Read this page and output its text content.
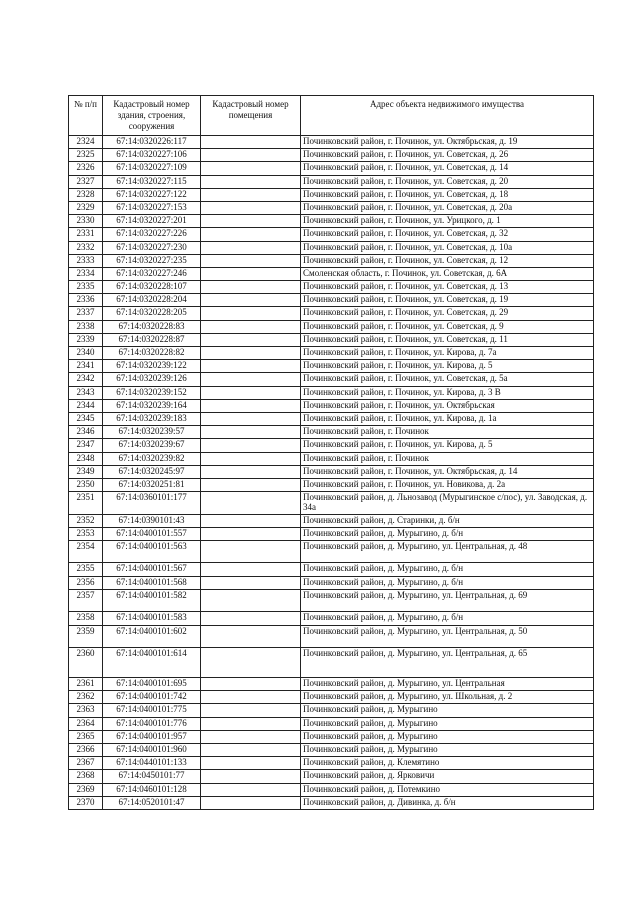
№ п/п	Кадастровый номер здания, строения, сооружения	Кадастровый номер помещения	Адрес объекта недвижимого имущества
2324	67:14:0320226:117		Починковский район, г. Починок, ул. Октябрьская, д. 19
2325	67:14:0320227:106		Починковский район, г. Починок, ул. Советская, д. 26
2326	67:14:0320227:109		Починковский район, г. Починок, ул. Советская, д. 14
2327	67:14:0320227:115		Починковский район, г. Починок, ул. Советская, д. 20
2328	67:14:0320227:122		Починковский район, г. Починок, ул. Советская, д. 18
2329	67:14:0320227:153		Починковский район, г. Починок, ул. Советская, д. 20а
2330	67:14:0320227:201		Починковский район, г. Починок, ул. Урицкого, д. 1
2331	67:14:0320227:226		Починковский район, г. Починок, ул. Советская, д. 32
2332	67:14:0320227:230		Починковский район, г. Починок, ул. Советская, д. 10а
2333	67:14:0320227:235		Починковский район, г. Починок, ул. Советская, д. 12
2334	67:14:0320227:246		Смоленская область, г. Починок, ул. Советская, д. 6А
2335	67:14:0320228:107		Починковский район, г. Починок, ул. Советская, д. 13
2336	67:14:0320228:204		Починковский район, г. Починок, ул. Советская, д. 19
2337	67:14:0320228:205		Починковский район, г. Починок, ул. Советская, д. 29
2338	67:14:0320228:83		Починковский район, г. Починок, ул. Советская, д. 9
2339	67:14:0320228:87		Починковский район, г. Починок, ул. Советская, д. 11
2340	67:14:0320228:82		Починковский район, г. Починок, ул. Кирова, д. 7а
2341	67:14:0320239:122		Починковский район, г. Починок, ул. Кирова, д. 5
2342	67:14:0320239:126		Починковский район, г. Починок, ул. Советская, д. 5а
2343	67:14:0320239:152		Починковский район, г. Починок, ул. Кирова, д. 3 В
2344	67:14:0320239:164		Починковский район, г. Починок, ул. Октябрьская
2345	67:14:0320239:183		Починковский район, г. Починок, ул. Кирова, д. 1а
2346	67:14:0320239:57		Починковский район, г. Починок
2347	67:14:0320239:67		Починковский район, г. Починок, ул. Кирова, д. 5
2348	67:14:0320239:82		Починковский район, г. Починок
2349	67:14:0320245:97		Починковский район, г. Починок, ул. Октябрьская, д. 14
2350	67:14:0320251:81		Починковский район, г. Починок, ул. Новикова, д. 2а
2351	67:14:0360101:177		Починковский район, д. Льнозавод (Мурыгинское с/пос), ул. Заводская, д. 34а
2352	67:14:0390101:43		Починковский район, д. Старинки, д. б/н
2353	67:14:0400101:557		Починковский район, д. Мурыгино, д. б/н
2354	67:14:0400101:563		Починковский район, д. Мурыгино, ул. Центральная, д. 48
2355	67:14:0400101:567		Починковский район, д. Мурыгино, д. б/н
2356	67:14:0400101:568		Починковский район, д. Мурыгино, д. б/н
2357	67:14:0400101:582		Починковский район, д. Мурыгино, ул. Центральная, д. 69
2358	67:14:0400101:583		Починковский район, д. Мурыгино, д. б/н
2359	67:14:0400101:602		Починковский район, д. Мурыгино, ул. Центральная, д. 50
2360	67:14:0400101:614		Починковский район, д. Мурыгино, ул. Центральная, д. 65
2361	67:14:0400101:695		Починковский район, д. Мурыгино, ул. Центральная
2362	67:14:0400101:742		Починковский район, д. Мурыгино, ул. Школьная, д. 2
2363	67:14:0400101:775		Починковский район, д. Мурыгино
2364	67:14:0400101:776		Починковский район, д. Мурыгино
2365	67:14:0400101:957		Починковский район, д. Мурыгино
2366	67:14:0400101:960		Починковский район, д. Мурыгино
2367	67:14:0440101:133		Починковский район, д. Клемятино
2368	67:14:0450101:77		Починковский район, д. Ярковичи
2369	67:14:0460101:128		Починковский район, д. Потемкино
2370	67:14:0520101:47		Починковский район, д. Дивинка, д. б/н
